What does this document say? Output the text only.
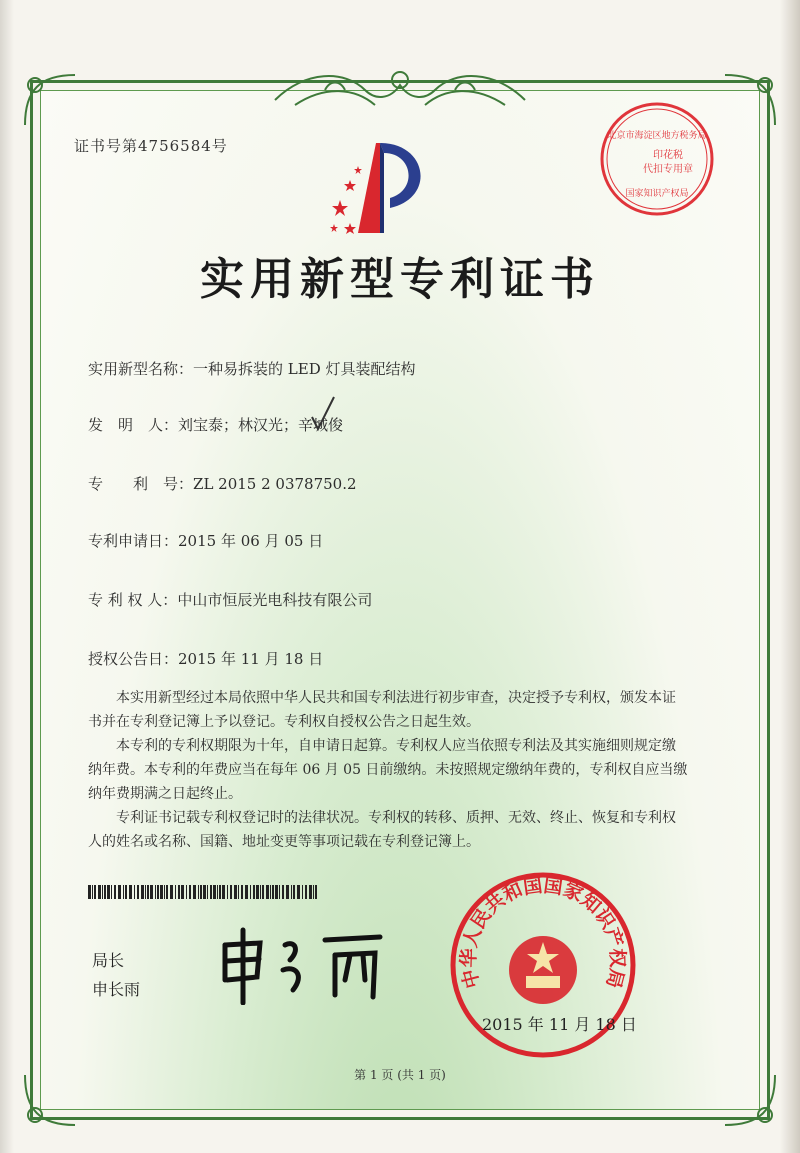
证书号第4756584号
北京市海淀区地方税务局
印花税
代扣专用章
国家知识产权局
实用新型专利证书
实用新型名称：一种易拆装的 LED 灯具装配结构
发　明　人：刘宝泰；林汉光；辛城俊
专　　利　号：ZL 2015 2 0378750.2
专利申请日：2015 年 06 月 05 日
专 利 权 人：中山市恒辰光电科技有限公司
授权公告日：2015 年 11 月 18 日

本实用新型经过本局依照中华人民共和国专利法进行初步审查，决定授予专利权，颁发本证书并在专利登记簿上予以登记。专利权自授权公告之日起生效。

本专利的专利权期限为十年，自申请日起算。专利权人应当依照专利法及其实施细则规定缴纳年费。本专利的年费应当在每年 06 月 05 日前缴纳。未按照规定缴纳年费的，专利权自应当缴纳年费期满之日起终止。

专利证书记载专利权登记时的法律状况。专利权的转移、质押、无效、终止、恢复和专利权人的姓名或名称、国籍、地址变更等事项记载在专利登记簿上。

局长
申长雨	中华人民共和国国家知识产权局
2015 年 11 月 18 日
第 1 页 (共 1 页)
